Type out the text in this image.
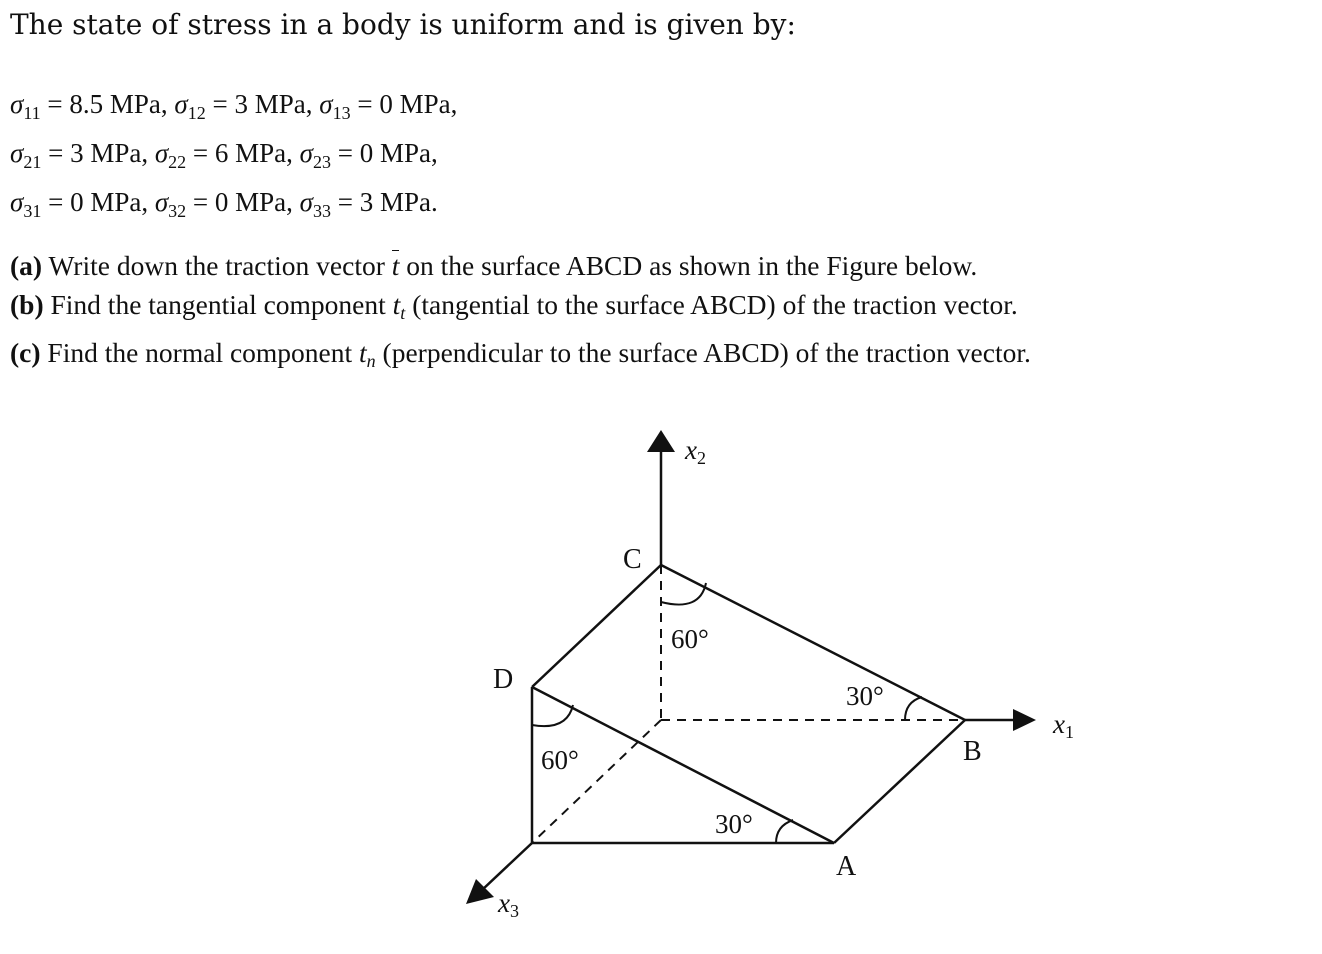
The state of stress in a body is uniform and is given by:

$\sigma_{11} = 8.5$ MPa, $\sigma_{12} = 3$ MPa, $\sigma_{13} = 0$ MPa,
$\sigma_{21} = 3$ MPa, $\sigma_{22} = 6$ MPa, $\sigma_{23} = 0$ MPa,
$\sigma_{31} = 0$ MPa, $\sigma_{32} = 0$ MPa, $\sigma_{33} = 3$ MPa.
(a) Write down the traction vector t on the surface ABCD as shown in the Figure below.
(b) Find the tangential component $t_t$ (tangential to the surface ABCD) of the traction vector.
(c) Find the normal component $t_n$ (perpendicular to the surface ABCD) of the traction vector.
C
D
B
A
60°
60°
30°
30°
x2
x1
x3
